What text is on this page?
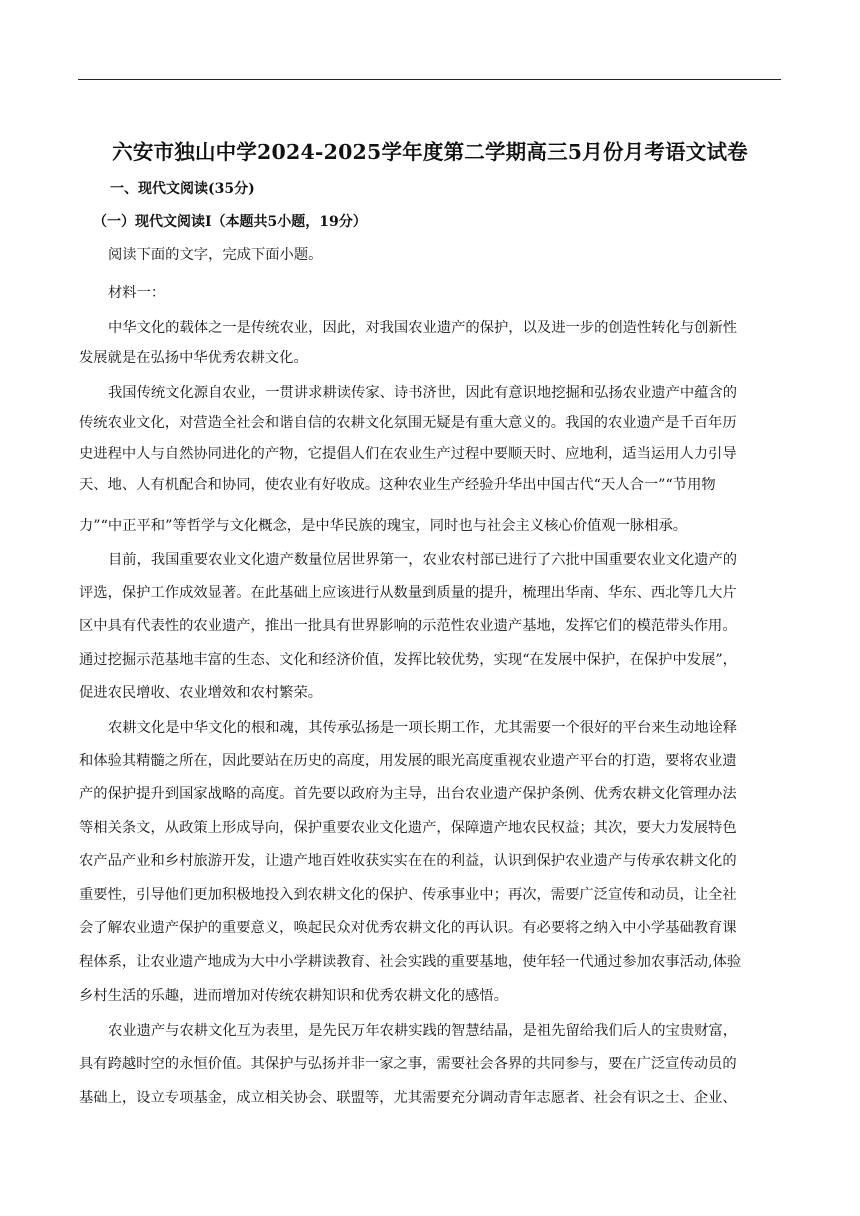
六安市独山中学2024-2025学年度第二学期高三5月份月考语文试卷
一、现代文阅读(35分)
（一）现代文阅读Ⅰ（本题共5小题，19分）
阅读下面的文字，完成下面小题。
材料一：
中华文化的载体之一是传统农业，因此，对我国农业遗产的保护，以及进一步的创造性转化与创新性
发展就是在弘扬中华优秀农耕文化。
我国传统文化源自农业，一贯讲求耕读传家、诗书济世，因此有意识地挖掘和弘扬农业遗产中蕴含的
传统农业文化，对营造全社会和谐自信的农耕文化氛围无疑是有重大意义的。我国的农业遗产是千百年历
史进程中人与自然协同进化的产物，它提倡人们在农业生产过程中要顺天时、应地利，适当运用人力引导
天、地、人有机配合和协同，使农业有好收成。这种农业生产经验升华出中国古代“天人合一”“节用物
力”“中正平和”等哲学与文化概念，是中华民族的瑰宝，同时也与社会主义核心价值观一脉相承。
目前，我国重要农业文化遗产数量位居世界第一，农业农村部已进行了六批中国重要农业文化遗产的
评选，保护工作成效显著。在此基础上应该进行从数量到质量的提升，梳理出华南、华东、西北等几大片
区中具有代表性的农业遗产，推出一批具有世界影响的示范性农业遗产基地，发挥它们的模范带头作用。
通过挖掘示范基地丰富的生态、文化和经济价值，发挥比较优势，实现“在发展中保护，在保护中发展”，
促进农民增收、农业增效和农村繁荣。
农耕文化是中华文化的根和魂，其传承弘扬是一项长期工作，尤其需要一个很好的平台来生动地诠释
和体验其精髓之所在，因此要站在历史的高度，用发展的眼光高度重视农业遗产平台的打造，要将农业遗
产的保护提升到国家战略的高度。首先要以政府为主导，出台农业遗产保护条例、优秀农耕文化管理办法
等相关条文，从政策上形成导向，保护重要农业文化遗产，保障遗产地农民权益；其次，要大力发展特色
农产品产业和乡村旅游开发，让遗产地百姓收获实实在在的利益，认识到保护农业遗产与传承农耕文化的
重要性，引导他们更加积极地投入到农耕文化的保护、传承事业中；再次，需要广泛宣传和动员，让全社
会了解农业遗产保护的重要意义，唤起民众对优秀农耕文化的再认识。有必要将之纳入中小学基础教育课
程体系，让农业遗产地成为大中小学耕读教育、社会实践的重要基地，使年轻一代通过参加农事活动,体验
乡村生活的乐趣，进而增加对传统农耕知识和优秀农耕文化的感悟。
农业遗产与农耕文化互为表里，是先民万年农耕实践的智慧结晶，是祖先留给我们后人的宝贵财富，
具有跨越时空的永恒价值。其保护与弘扬并非一家之事，需要社会各界的共同参与，要在广泛宣传动员的
基础上，设立专项基金，成立相关协会、联盟等，尤其需要充分调动青年志愿者、社会有识之士、企业、
